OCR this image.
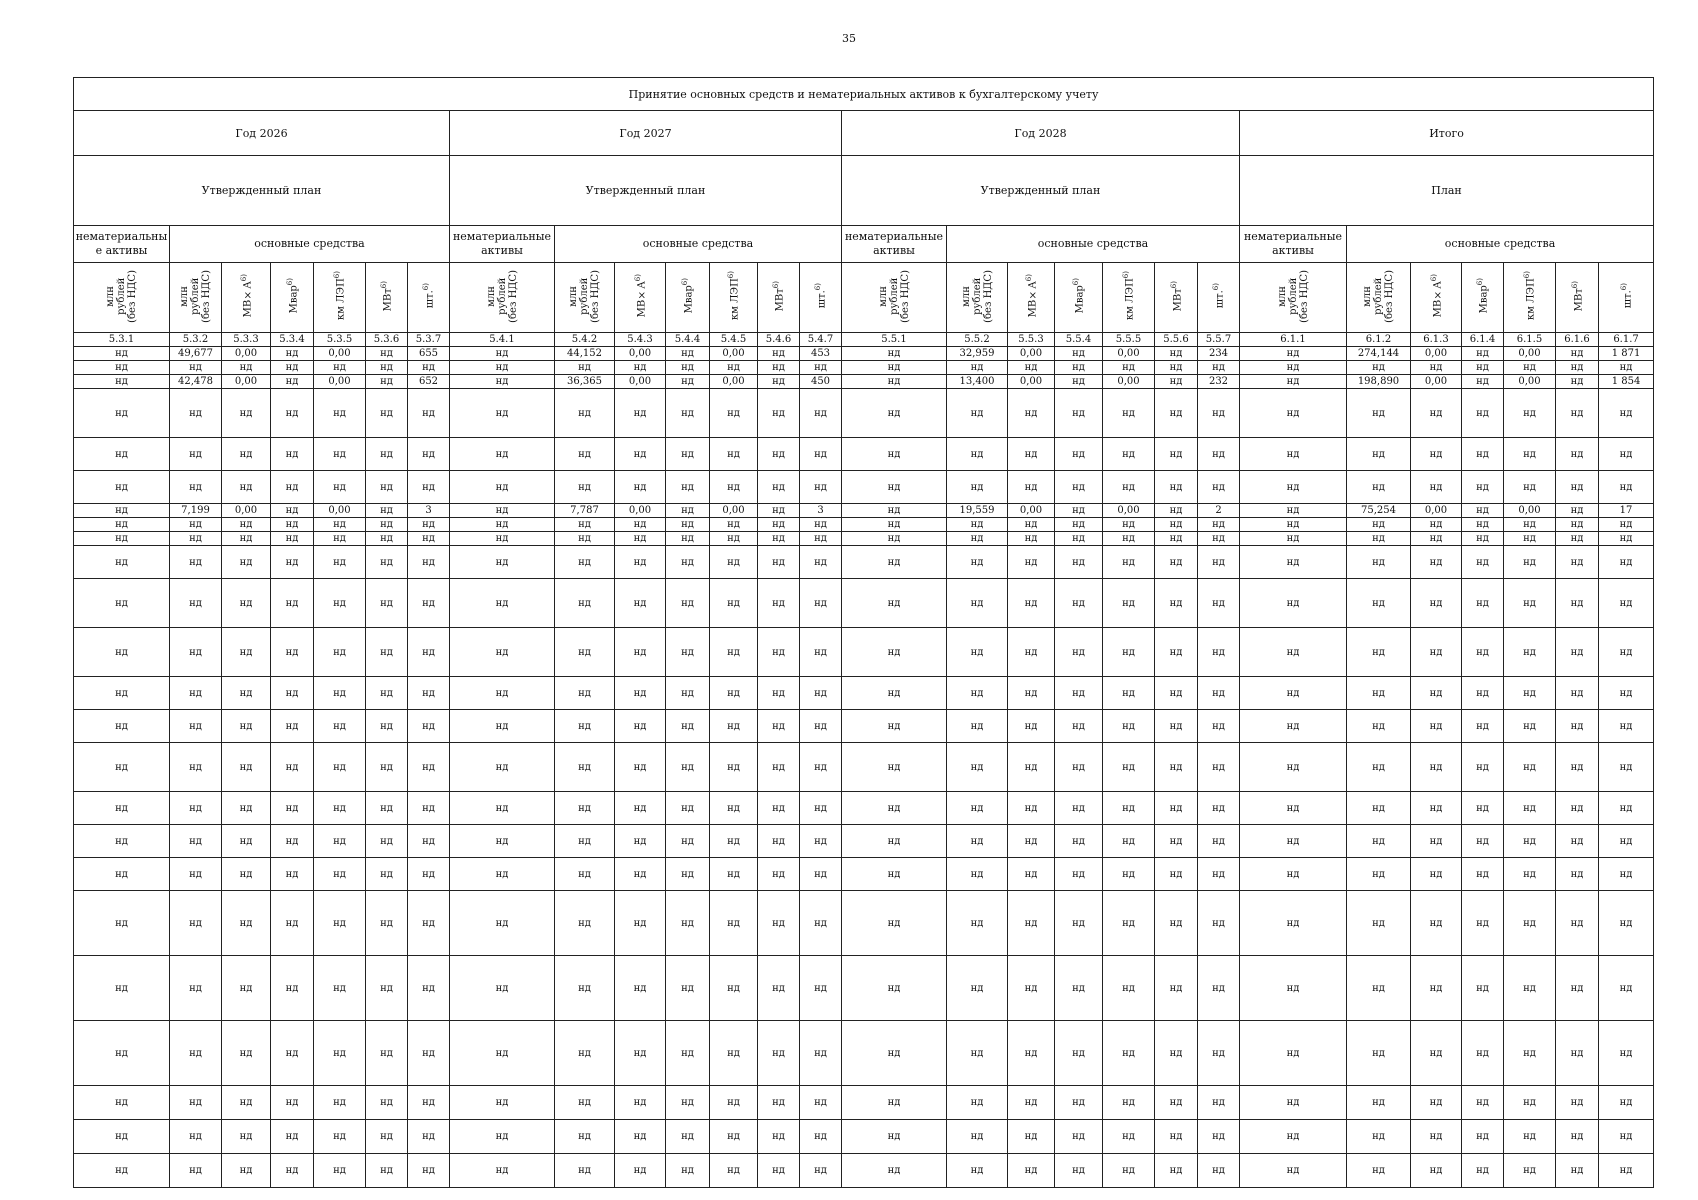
35
Принятие основных средств и нематериальных активов к бухгалтерскому учету																											
Год 2026							Год 2027							Год 2028							Итого						
Утвержденный план							Утвержденный план							Утвержденный план							План						
нематериальны е активы	основные средства						нематериальные активы	основные средства						нематериальные активы	основные средства						нематериальные активы	основные средства					
млн
рублей
(без НДС)	млн
рублей
(без НДС)	$МВ\times А^{6)}$	Мвар$^{6)}$	км ЛЭП$^{6)}$	МВт$^{6)}$	шт.$^{6)}$	млн
рублей
(без НДС)	млн
рублей
(без НДС)	$МВ\times А^{6)}$	Мвар$^{6)}$	км ЛЭП$^{6)}$	МВт$^{6)}$	шт.$^{6)}$	млн
рублей
(без НДС)	млн
рублей
(без НДС)	$МВ\times А^{6)}$	Мвар$^{6)}$	км ЛЭП$^{6)}$	МВт$^{6)}$	шт.$^{6)}$	млн
рублей
(без НДС)	млн
рублей
(без НДС)	$МВ\times А^{6)}$	Мвар$^{6)}$	км ЛЭП$^{6)}$	МВт$^{6)}$	шт.$^{6)}$
5.3.1	5.3.2	5.3.3	5.3.4	5.3.5	5.3.6	5.3.7	5.4.1	5.4.2	5.4.3	5.4.4	5.4.5	5.4.6	5.4.7	5.5.1	5.5.2	5.5.3	5.5.4	5.5.5	5.5.6	5.5.7	6.1.1	6.1.2	6.1.3	6.1.4	6.1.5	6.1.6	6.1.7
нд	49,677	0,00	нд	0,00	нд	655	нд	44,152	0,00	нд	0,00	нд	453	нд	32,959	0,00	нд	0,00	нд	234	нд	274,144	0,00	нд	0,00	нд	1 871
нд	нд	нд	нд	нд	нд	нд	нд	нд	нд	нд	нд	нд	нд	нд	нд	нд	нд	нд	нд	нд	нд	нд	нд	нд	нд	нд	нд
нд	42,478	0,00	нд	0,00	нд	652	нд	36,365	0,00	нд	0,00	нд	450	нд	13,400	0,00	нд	0,00	нд	232	нд	198,890	0,00	нд	0,00	нд	1 854
нд	нд	нд	нд	нд	нд	нд	нд	нд	нд	нд	нд	нд	нд	нд	нд	нд	нд	нд	нд	нд	нд	нд	нд	нд	нд	нд	нд
нд	нд	нд	нд	нд	нд	нд	нд	нд	нд	нд	нд	нд	нд	нд	нд	нд	нд	нд	нд	нд	нд	нд	нд	нд	нд	нд	нд
нд	нд	нд	нд	нд	нд	нд	нд	нд	нд	нд	нд	нд	нд	нд	нд	нд	нд	нд	нд	нд	нд	нд	нд	нд	нд	нд	нд
нд	7,199	0,00	нд	0,00	нд	3	нд	7,787	0,00	нд	0,00	нд	3	нд	19,559	0,00	нд	0,00	нд	2	нд	75,254	0,00	нд	0,00	нд	17
нд	нд	нд	нд	нд	нд	нд	нд	нд	нд	нд	нд	нд	нд	нд	нд	нд	нд	нд	нд	нд	нд	нд	нд	нд	нд	нд	нд
нд	нд	нд	нд	нд	нд	нд	нд	нд	нд	нд	нд	нд	нд	нд	нд	нд	нд	нд	нд	нд	нд	нд	нд	нд	нд	нд	нд
нд	нд	нд	нд	нд	нд	нд	нд	нд	нд	нд	нд	нд	нд	нд	нд	нд	нд	нд	нд	нд	нд	нд	нд	нд	нд	нд	нд
нд	нд	нд	нд	нд	нд	нд	нд	нд	нд	нд	нд	нд	нд	нд	нд	нд	нд	нд	нд	нд	нд	нд	нд	нд	нд	нд	нд
нд	нд	нд	нд	нд	нд	нд	нд	нд	нд	нд	нд	нд	нд	нд	нд	нд	нд	нд	нд	нд	нд	нд	нд	нд	нд	нд	нд
нд	нд	нд	нд	нд	нд	нд	нд	нд	нд	нд	нд	нд	нд	нд	нд	нд	нд	нд	нд	нд	нд	нд	нд	нд	нд	нд	нд
нд	нд	нд	нд	нд	нд	нд	нд	нд	нд	нд	нд	нд	нд	нд	нд	нд	нд	нд	нд	нд	нд	нд	нд	нд	нд	нд	нд
нд	нд	нд	нд	нд	нд	нд	нд	нд	нд	нд	нд	нд	нд	нд	нд	нд	нд	нд	нд	нд	нд	нд	нд	нд	нд	нд	нд
нд	нд	нд	нд	нд	нд	нд	нд	нд	нд	нд	нд	нд	нд	нд	нд	нд	нд	нд	нд	нд	нд	нд	нд	нд	нд	нд	нд
нд	нд	нд	нд	нд	нд	нд	нд	нд	нд	нд	нд	нд	нд	нд	нд	нд	нд	нд	нд	нд	нд	нд	нд	нд	нд	нд	нд
нд	нд	нд	нд	нд	нд	нд	нд	нд	нд	нд	нд	нд	нд	нд	нд	нд	нд	нд	нд	нд	нд	нд	нд	нд	нд	нд	нд
нд	нд	нд	нд	нд	нд	нд	нд	нд	нд	нд	нд	нд	нд	нд	нд	нд	нд	нд	нд	нд	нд	нд	нд	нд	нд	нд	нд
нд	нд	нд	нд	нд	нд	нд	нд	нд	нд	нд	нд	нд	нд	нд	нд	нд	нд	нд	нд	нд	нд	нд	нд	нд	нд	нд	нд
нд	нд	нд	нд	нд	нд	нд	нд	нд	нд	нд	нд	нд	нд	нд	нд	нд	нд	нд	нд	нд	нд	нд	нд	нд	нд	нд	нд
нд	нд	нд	нд	нд	нд	нд	нд	нд	нд	нд	нд	нд	нд	нд	нд	нд	нд	нд	нд	нд	нд	нд	нд	нд	нд	нд	нд
нд	нд	нд	нд	нд	нд	нд	нд	нд	нд	нд	нд	нд	нд	нд	нд	нд	нд	нд	нд	нд	нд	нд	нд	нд	нд	нд	нд
нд	нд	нд	нд	нд	нд	нд	нд	нд	нд	нд	нд	нд	нд	нд	нд	нд	нд	нд	нд	нд	нд	нд	нд	нд	нд	нд	нд
